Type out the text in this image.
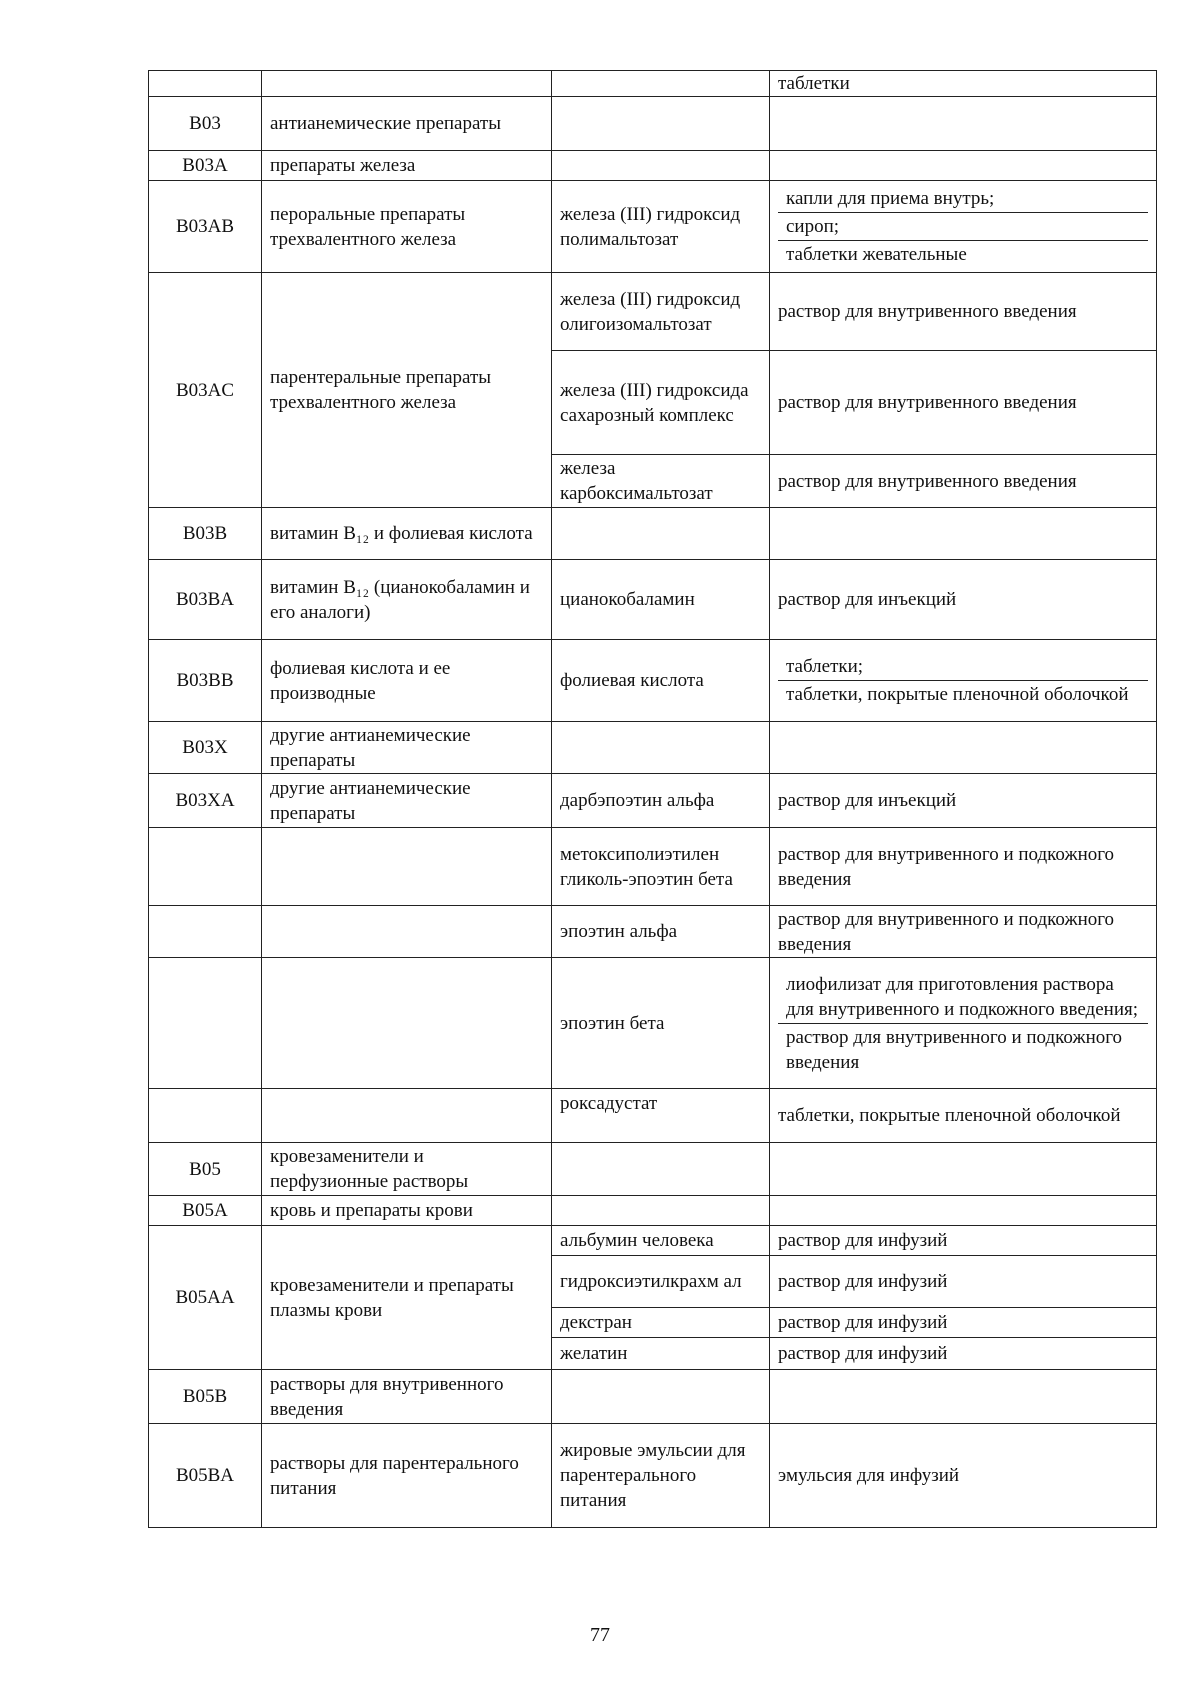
			таблетки
B03	антианемические препараты		
B03A	препараты железа		
B03AB	пероральные препараты трехвалентного железа	железа (III) гидроксид полимальтозат	капли для приема внутрь;
сироп;
таблетки жевательные

B03AC	парентеральные препараты трехвалентного железа	железа (III) гидроксид олигоизомальтозат	раствор для внутривенного введения
		железа (III) гидроксида сахарозный комплекс	раствор для внутривенного введения
		железа карбоксимальтозат	раствор для внутривенного введения
B03B	витамин B₁₂ и фолиевая кислота		
B03BA	витамин B₁₂ (цианокобаламин и его аналоги)	цианокобаламин	раствор для инъекций
B03BB	фолиевая кислота и ее производные	фолиевая кислота	таблетки;
таблетки, покрытые пленочной оболочкой

B03X	другие антианемические препараты		
B03XA	другие антианемические препараты	дарбэпоэтин альфа	раствор для инъекций
		метоксиполиэтилен гликоль-эпоэтин бета	раствор для внутривенного и подкожного введения
		эпоэтин альфа	раствор для внутривенного и подкожного введения
		эпоэтин бета	лиофилизат для приготовления раствора для внутривенного и подкожного введения;
раствор для внутривенного и подкожного введения

		роксадустат	таблетки, покрытые пленочной оболочкой
B05	кровезаменители и перфузионные растворы		
B05A	кровь и препараты крови		
B05AA	кровезаменители и препараты плазмы крови	альбумин человека	раствор для инфузий
		гидроксиэтилкрахм ал	раствор для инфузий
		декстран	раствор для инфузий
		желатин	раствор для инфузий
B05B	растворы для внутривенного введения		
B05BA	растворы для парентерального питания	жировые эмульсии для парентерального питания	эмульсия для инфузий
77
